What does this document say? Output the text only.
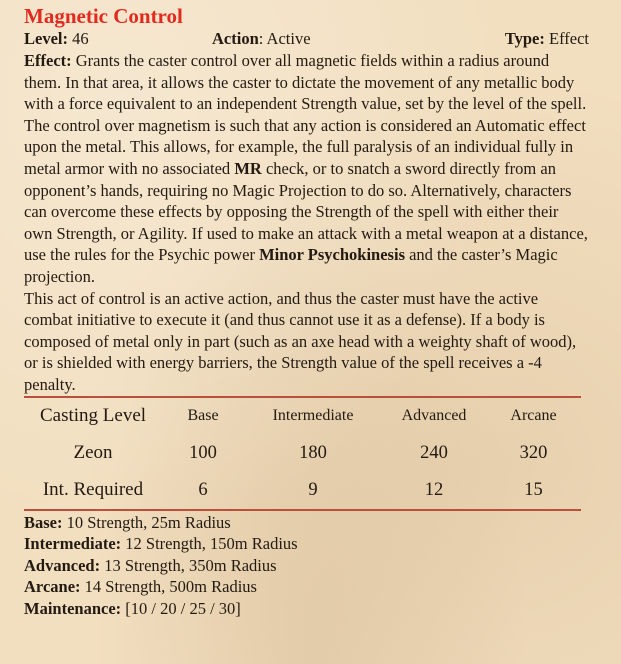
Magnetic Control
Level: 46	Action: Active	Type: Effect

Effect: Grants the caster control over all magnetic fields within a radius around them. In that area, it allows the caster to dictate the movement of any metallic body with a force equivalent to an independent Strength value, set by the level of the spell.

The control over magnetism is such that any action is considered an Automatic effect upon the metal. This allows, for example, the full paralysis of an individual fully in metal armor with no associated MR check, or to snatch a sword directly from an opponent’s hands, requiring no Magic Projection to do so. Alternatively, characters can overcome these effects by opposing the Strength of the spell with either their own Strength, or Agility. If used to make an attack with a metal weapon at a distance, use the rules for the Psychic power Minor Psychokinesis and the caster’s Magic projection.

This act of control is an active action, and thus the caster must have the active combat initiative to execute it (and thus cannot use it as a defense). If a body is composed of metal only in part (such as an axe head with a weighty shaft of wood), or is shielded with energy barriers, the Strength value of the spell receives a -4 penalty.

Casting Level	Base	Intermediate	Advanced	Arcane
Zeon	100	180	240	320
Int. Required	6	9	12	15
Base: 10 Strength, 25m Radius
Intermediate: 12 Strength, 150m Radius
Advanced: 13 Strength, 350m Radius
Arcane: 14 Strength, 500m Radius
Maintenance: [10 / 20 / 25 / 30]
